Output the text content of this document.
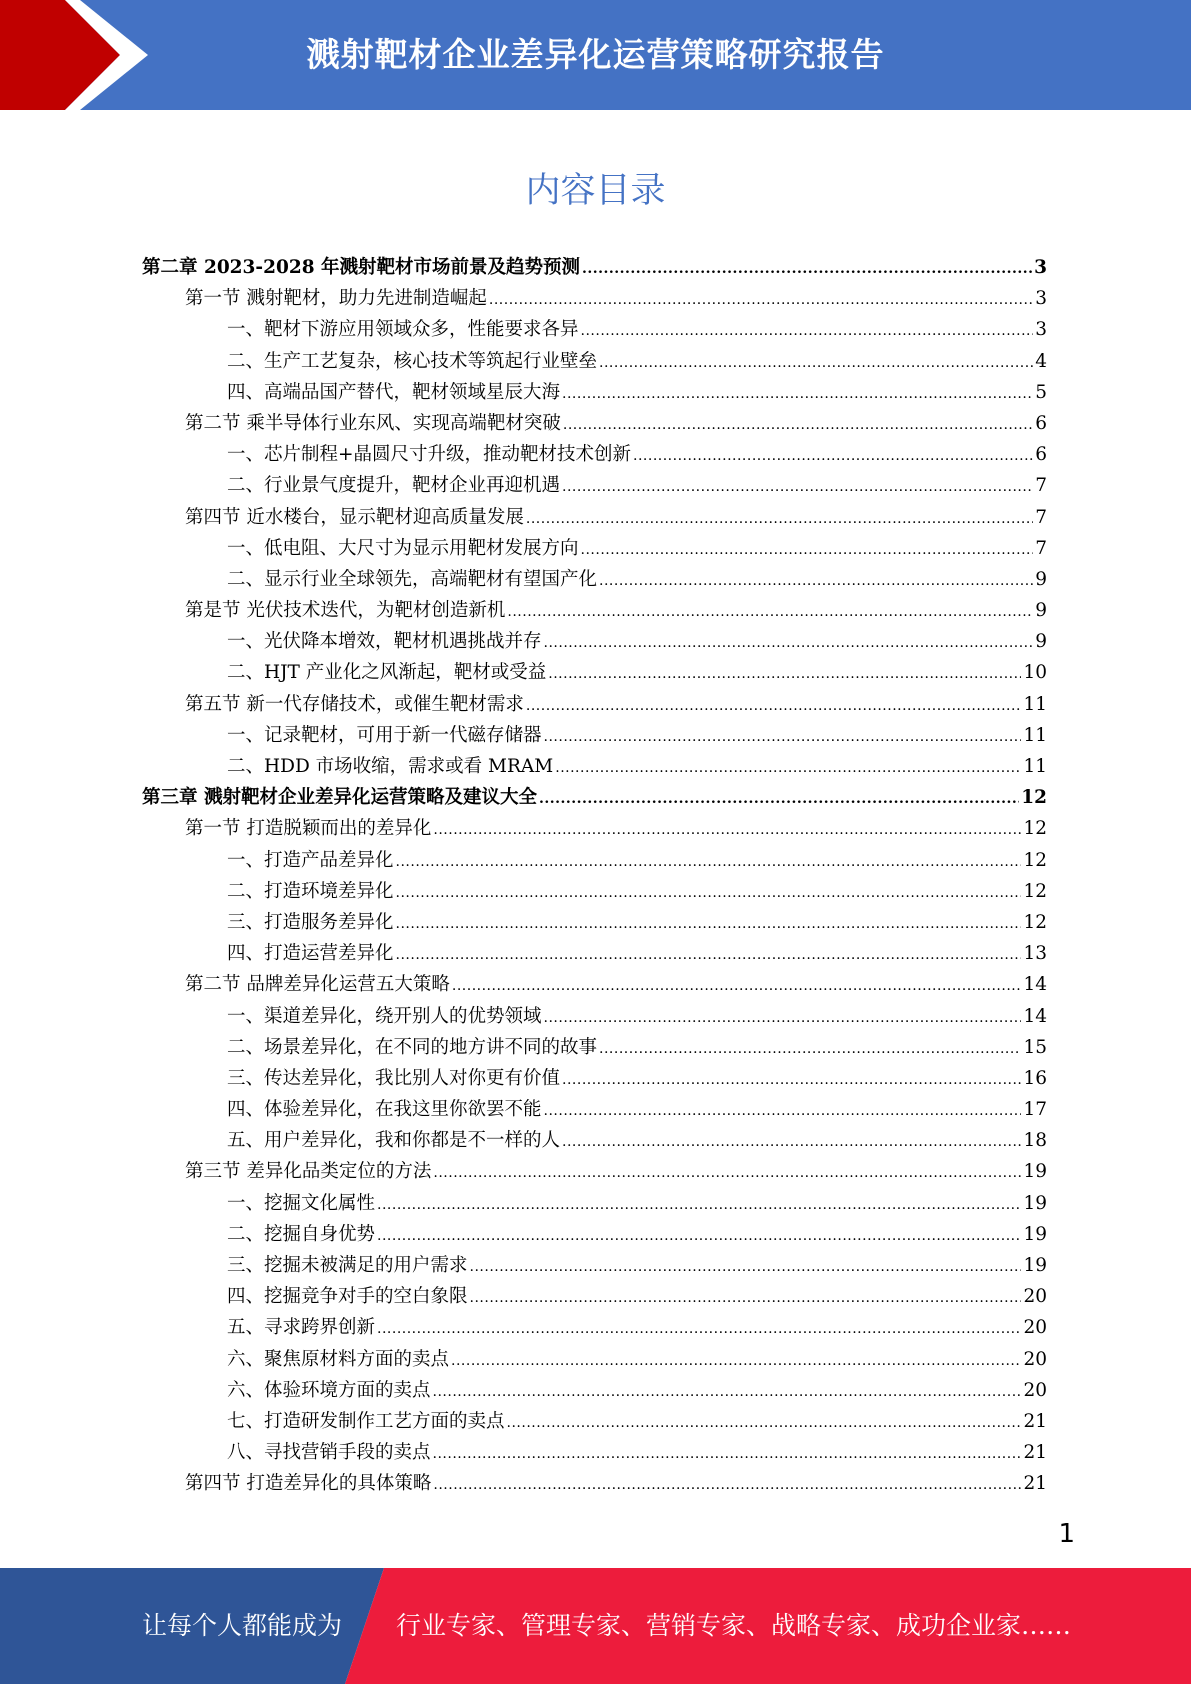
溅射靶材企业差异化运营策略研究报告
内容目录
第二章 2023-2028 年溅射靶材市场前景及趋势预测 .....	3
第一节 溅射靶材，助力先进制造崛起 .....	3
一、靶材下游应用领域众多，性能要求各异 .....	3
二、生产工艺复杂，核心技术等筑起行业壁垒 .....	4
四、高端品国产替代，靶材领域星辰大海 .....	5
第二节 乘半导体行业东风、实现高端靶材突破 .....	6
一、芯片制程+晶圆尺寸升级，推动靶材技术创新 .....	6
二、行业景气度提升，靶材企业再迎机遇 .....	7
第四节 近水楼台，显示靶材迎高质量发展 .....	7
一、低电阻、大尺寸为显示用靶材发展方向 .....	7
二、显示行业全球领先，高端靶材有望国产化 .....	9
第是节 光伏技术迭代，为靶材创造新机 .....	9
一、光伏降本增效，靶材机遇挑战并存 .....	9
二、HJT 产业化之风渐起，靶材或受益 .....	10
第五节 新一代存储技术，或催生靶材需求 .....	11
一、记录靶材，可用于新一代磁存储器 .....	11
二、HDD 市场收缩，需求或看 MRAM .....	11
第三章 溅射靶材企业差异化运营策略及建议大全 .....	12
第一节 打造脱颖而出的差异化 .....	12
一、打造产品差异化 .....	12
二、打造环境差异化 .....	12
三、打造服务差异化 .....	12
四、打造运营差异化 .....	13
第二节 品牌差异化运营五大策略 .....	14
一、渠道差异化，绕开别人的优势领域 .....	14
二、场景差异化，在不同的地方讲不同的故事 .....	15
三、传达差异化，我比别人对你更有价值 .....	16
四、体验差异化，在我这里你欲罢不能 .....	17
五、用户差异化，我和你都是不一样的人 .....	18
第三节 差异化品类定位的方法 .....	19
一、挖掘文化属性 .....	19
二、挖掘自身优势 .....	19
三、挖掘未被满足的用户需求 .....	19
四、挖掘竞争对手的空白象限 .....	20
五、寻求跨界创新 .....	20
六、聚焦原材料方面的卖点 .....	20
六、体验环境方面的卖点 .....	20
七、打造研发制作工艺方面的卖点 .....	21
八、寻找营销手段的卖点 .....	21
第四节 打造差异化的具体策略 .....	21
1
让每个人都能成为 行业专家、管理专家、营销专家、战略专家、成功企业家……
